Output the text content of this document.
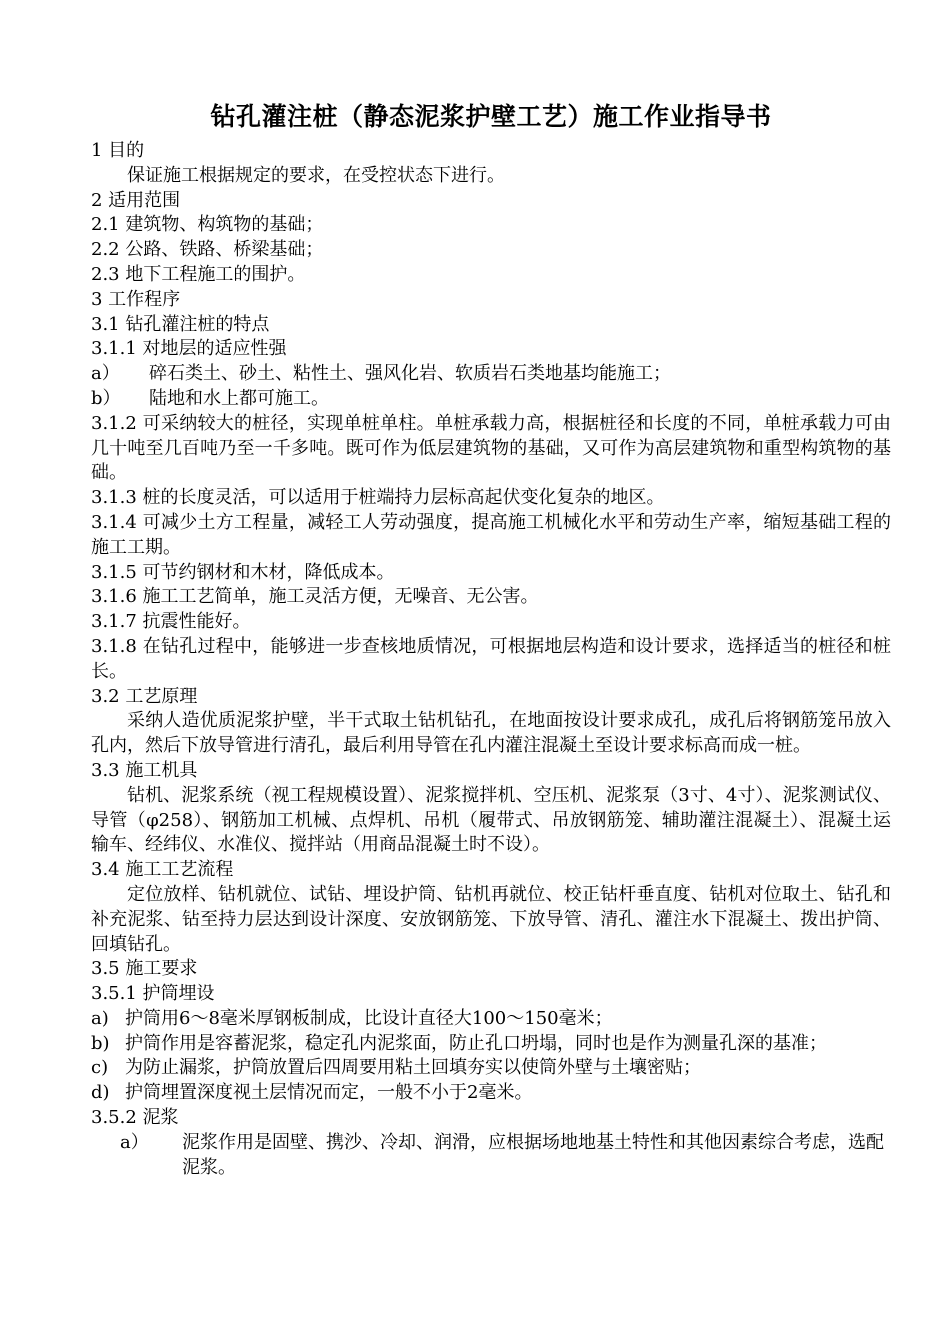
钻孔灌注桩（静态泥浆护壁工艺）施工作业指导书
1 目的
保证施工根据规定的要求，在受控状态下进行。
2 适用范围
2.1 建筑物、构筑物的基础；
2.2 公路、铁路、桥梁基础；
2.3 地下工程施工的围护。
3 工作程序
3.1 钻孔灌注桩的特点
3.1.1 对地层的适应性强
a）	碎石类土、砂土、粘性土、强风化岩、软质岩石类地基均能施工；
b）	陆地和水上都可施工。
3.1.2 可采纳较大的桩径，实现单桩单柱。单桩承载力高，根据桩径和长度的不同，单桩承载力可由几十吨至几百吨乃至一千多吨。既可作为低层建筑物的基础，又可作为高层建筑物和重型构筑物的基础。
3.1.3 桩的长度灵活，可以适用于桩端持力层标高起伏变化复杂的地区。
3.1.4 可减少土方工程量，减轻工人劳动强度，提高施工机械化水平和劳动生产率，缩短基础工程的施工工期。
3.1.5 可节约钢材和木材，降低成本。
3.1.6 施工工艺简单，施工灵活方便，无噪音、无公害。
3.1.7 抗震性能好。
3.1.8 在钻孔过程中，能够进一步查核地质情况，可根据地层构造和设计要求，选择适当的桩径和桩长。
3.2 工艺原理
采纳人造优质泥浆护壁，半干式取土钻机钻孔，在地面按设计要求成孔，成孔后将钢筋笼吊放入孔内，然后下放导管进行清孔，最后利用导管在孔内灌注混凝土至设计要求标高而成一桩。
3.3 施工机具
钻机、泥浆系统（视工程规模设置）、泥浆搅拌机、空压机、泥浆泵（3寸、4寸）、泥浆测试仪、导管（φ258）、钢筋加工机械、点焊机、吊机（履带式、吊放钢筋笼、辅助灌注混凝土）、混凝土运输车、经纬仪、水准仪、搅拌站（用商品混凝土时不设）。
3.4 施工工艺流程
定位放样、钻机就位、试钻、埋设护筒、钻机再就位、校正钻杆垂直度、钻机对位取土、钻孔和补充泥浆、钻至持力层达到设计深度、安放钢筋笼、下放导管、清孔、灌注水下混凝土、拨出护筒、回填钻孔。
3.5 施工要求
3.5.1 护筒埋设
a) 护筒用6～8毫米厚钢板制成，比设计直径大100～150毫米；
b) 护筒作用是容蓄泥浆，稳定孔内泥浆面，防止孔口坍塌，同时也是作为测量孔深的基准；
c) 为防止漏浆，护筒放置后四周要用粘土回填夯实以使筒外壁与土壤密贴；
d) 护筒埋置深度视土层情况而定，一般不小于2毫米。
3.5.2 泥浆
a）	泥浆作用是固壁、携沙、冷却、润滑，应根据场地地基土特性和其他因素综合考虑，选配泥浆。
